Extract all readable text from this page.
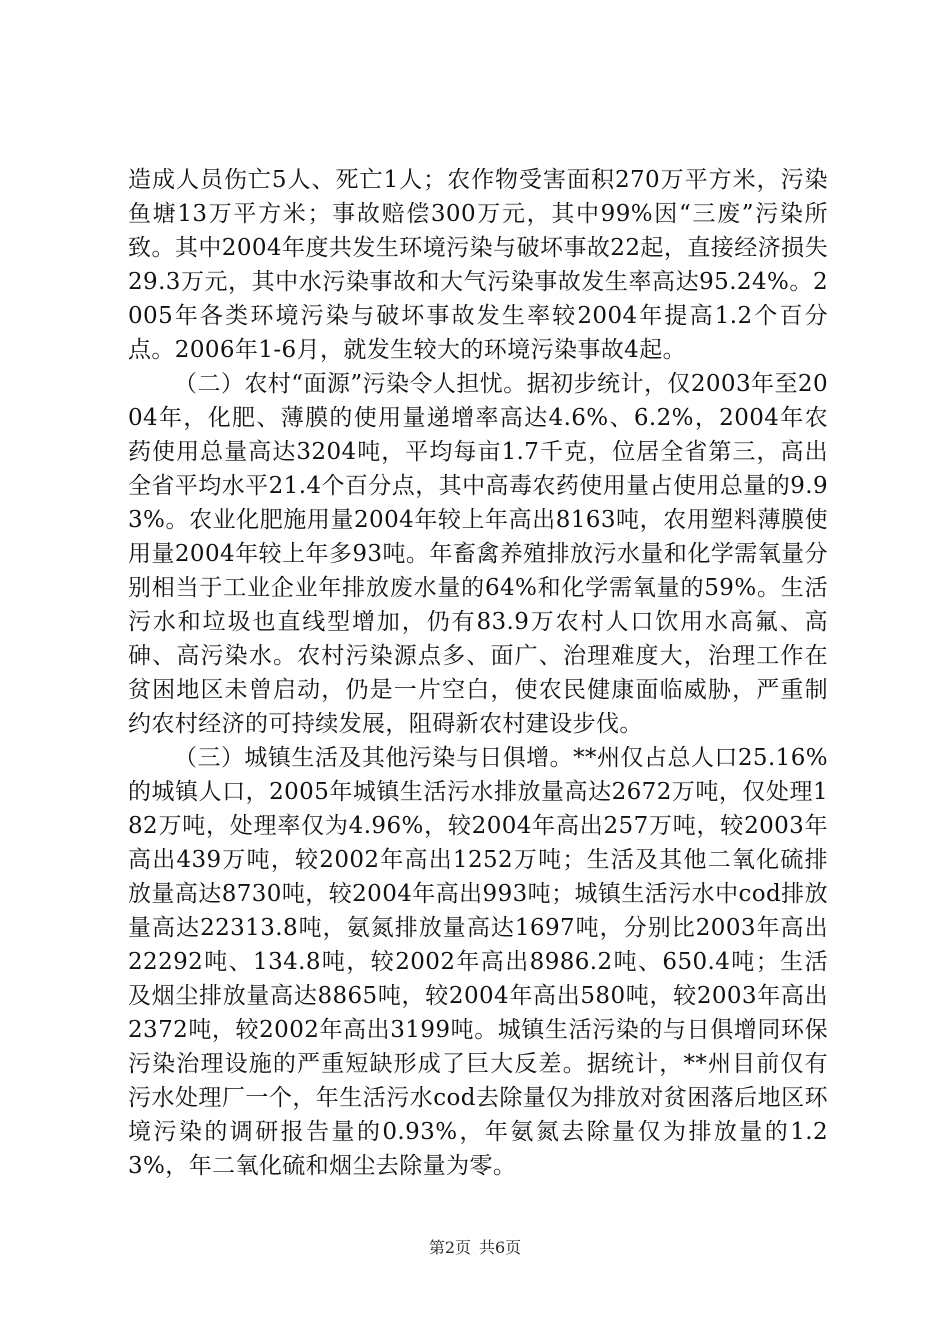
造成人员伤亡5人、死亡1人；农作物受害面积270万平方米，污染鱼塘13万平方米；事故赔偿300万元，其中99%因“三废”污染所致。其中2004年度共发生环境污染与破坏事故22起，直接经济损失29.3万元，其中水污染事故和大气污染事故发生率高达95.24%。2005年各类环境污染与破坏事故发生率较2004年提高1.2个百分点。2006年1-6月，就发生较大的环境污染事故4起。

（二）农村“面源”污染令人担忧。据初步统计，仅2003年至2004年，化肥、薄膜的使用量递增率高达4.6%、6.2%，2004年农药使用总量高达3204吨，平均每亩1.7千克，位居全省第三，高出全省平均水平21.4个百分点，其中高毒农药使用量占使用总量的9.93%。农业化肥施用量2004年较上年高出8163吨，农用塑料薄膜使用量2004年较上年多93吨。年畜禽养殖排放污水量和化学需氧量分别相当于工业企业年排放废水量的64%和化学需氧量的59%。生活污水和垃圾也直线型增加，仍有83.9万农村人口饮用水高氟、高砷、高污染水。农村污染源点多、面广、治理难度大，治理工作在贫困地区未曾启动，仍是一片空白，使农民健康面临威胁，严重制约农村经济的可持续发展，阻碍新农村建设步伐。

（三）城镇生活及其他污染与日俱增。**州仅占总人口25.16%的城镇人口，2005年城镇生活污水排放量高达2672万吨，仅处理182万吨，处理率仅为4.96%，较2004年高出257万吨，较2003年高出439万吨，较2002年高出1252万吨；生活及其他二氧化硫排放量高达8730吨，较2004年高出993吨；城镇生活污水中cod排放量高达22313.8吨，氨氮排放量高达1697吨，分别比2003年高出22292吨、134.8吨，较2002年高出8986.2吨、650.4吨；生活及烟尘排放量高达8865吨，较2004年高出580吨，较2003年高出2372吨，较2002年高出3199吨。城镇生活污染的与日俱增同环保污染治理设施的严重短缺形成了巨大反差。据统计，**州目前仅有污水处理厂一个，年生活污水cod去除量仅为排放对贫困落后地区环境污染的调研报告量的0.93%，年氨氮去除量仅为排放量的1.23%，年二氧化硫和烟尘去除量为零。

第2页 共6页
